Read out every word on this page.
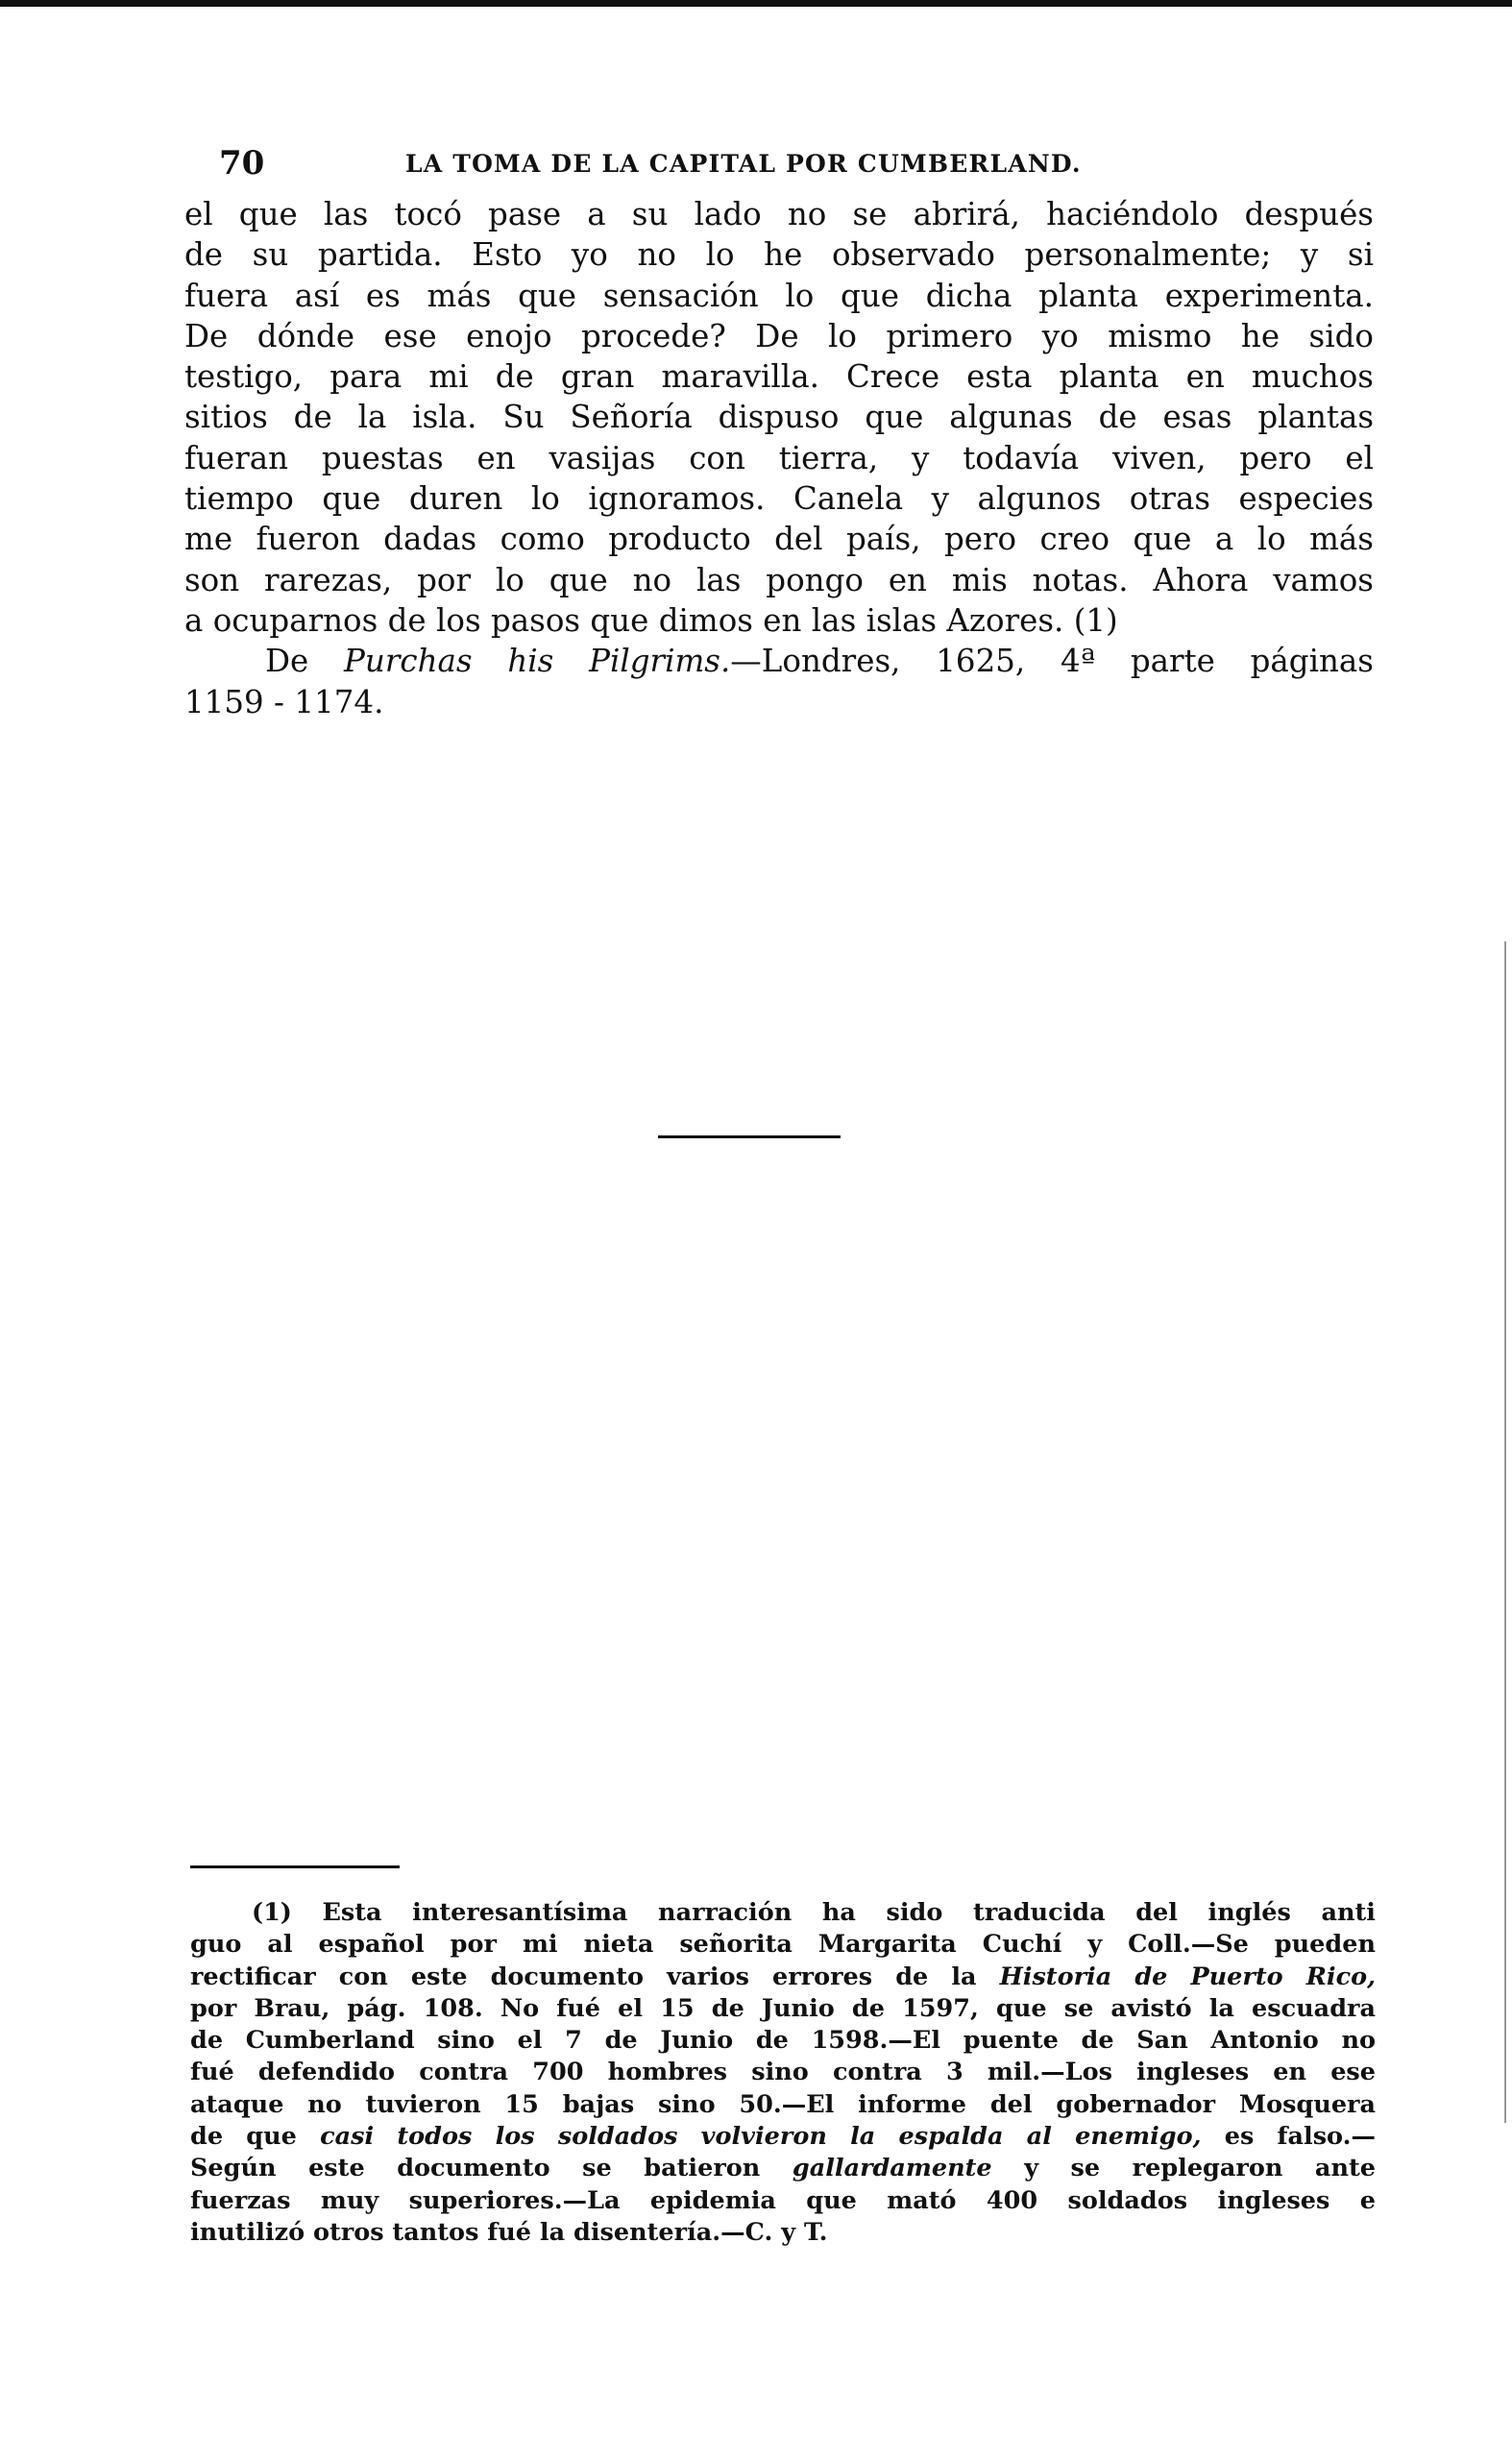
70	LA TOMA DE LA CAPITAL POR CUMBERLAND.
el que las tocó pase a su lado no se abrirá, haciéndolo después
de su partida. Esto yo no lo he observado personalmente; y si
fuera así es más que sensación lo que dicha planta experimenta.
De dónde ese enojo procede? De lo primero yo mismo he sido
testigo, para mi de gran maravilla. Crece esta planta en muchos
sitios de la isla. Su Señoría dispuso que algunas de esas plantas
fueran puestas en vasijas con tierra, y todavía viven, pero el
tiempo que duren lo ignoramos. Canela y algunos otras especies
me fueron dadas como producto del país, pero creo que a lo más
son rarezas, por lo que no las pongo en mis notas. Ahora vamos
a ocuparnos de los pasos que dimos en las islas Azores. (1)
De Purchas his Pilgrims.—Londres, 1625, 4ª parte páginas
1159 - 1174.
(1) Esta interesantísima narración ha sido traducida del inglés anti
guo al español por mi nieta señorita Margarita Cuchí y Coll.—Se pueden
rectificar con este documento varios errores de la Historia de Puerto Rico,
por Brau, pág. 108. No fué el 15 de Junio de 1597, que se avistó la escuadra
de Cumberland sino el 7 de Junio de 1598.—El puente de San Antonio no
fué defendido contra 700 hombres sino contra 3 mil.—Los ingleses en ese
ataque no tuvieron 15 bajas sino 50.—El informe del gobernador Mosquera
de que casi todos los soldados volvieron la espalda al enemigo, es falso.—
Según este documento se batieron gallardamente y se replegaron ante
fuerzas muy superiores.—La epidemia que mató 400 soldados ingleses e
inutilizó otros tantos fué la disentería.—C. y T.
